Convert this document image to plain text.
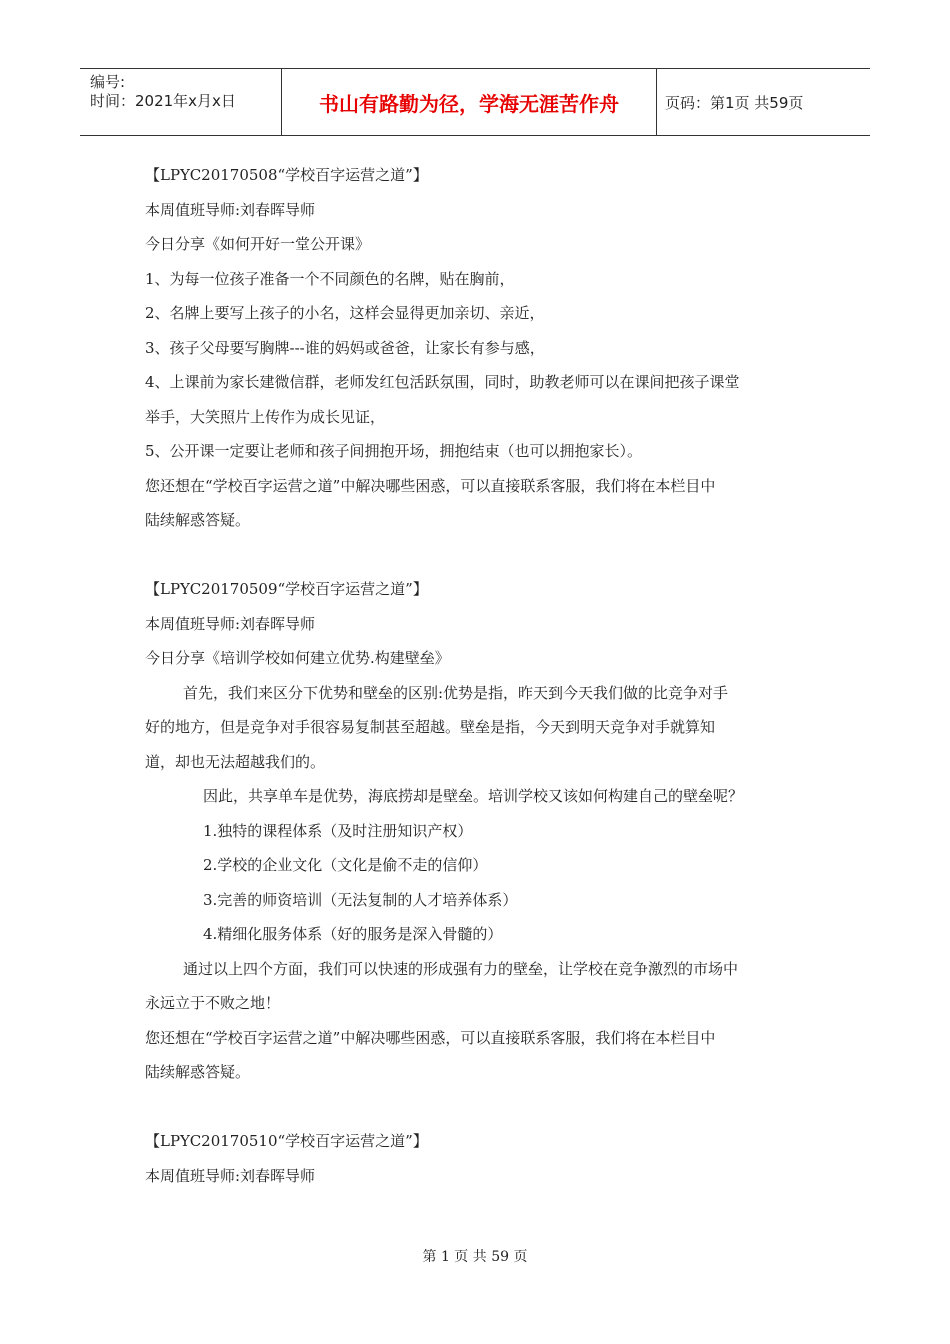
编号:
时间：2021年x月x日	书山有路勤为径，学海无涯苦作舟	页码：第1页 共59页
【LPYC20170508“学校百字运营之道”】
本周值班导师:刘春晖导师
今日分享《如何开好一堂公开课》
1、为每一位孩子准备一个不同颜色的名牌，贴在胸前，
2、名牌上要写上孩子的小名，这样会显得更加亲切、亲近，
3、孩子父母要写胸牌---谁的妈妈或爸爸，让家长有参与感，
4、上课前为家长建微信群，老师发红包活跃氛围，同时，助教老师可以在课间把孩子课堂
举手，大笑照片上传作为成长见证，
5、公开课一定要让老师和孩子间拥抱开场，拥抱结束（也可以拥抱家长）。
您还想在“学校百字运营之道”中解决哪些困惑，可以直接联系客服，我们将在本栏目中
陆续解惑答疑。
【LPYC20170509“学校百字运营之道”】
本周值班导师:刘春晖导师
今日分享《培训学校如何建立优势.构建壁垒》
首先，我们来区分下优势和壁垒的区别:优势是指，昨天到今天我们做的比竞争对手
好的地方，但是竞争对手很容易复制甚至超越。壁垒是指，今天到明天竞争对手就算知
道，却也无法超越我们的。
因此，共享单车是优势，海底捞却是壁垒。培训学校又该如何构建自己的壁垒呢？
1.独特的课程体系（及时注册知识产权）
2.学校的企业文化（文化是偷不走的信仰）
3.完善的师资培训（无法复制的人才培养体系）
4.精细化服务体系（好的服务是深入骨髓的）
通过以上四个方面，我们可以快速的形成强有力的壁垒，让学校在竞争激烈的市场中
永远立于不败之地！
您还想在“学校百字运营之道”中解决哪些困惑，可以直接联系客服，我们将在本栏目中
陆续解惑答疑。
【LPYC20170510“学校百字运营之道”】
本周值班导师:刘春晖导师
第 1 页 共 59 页
